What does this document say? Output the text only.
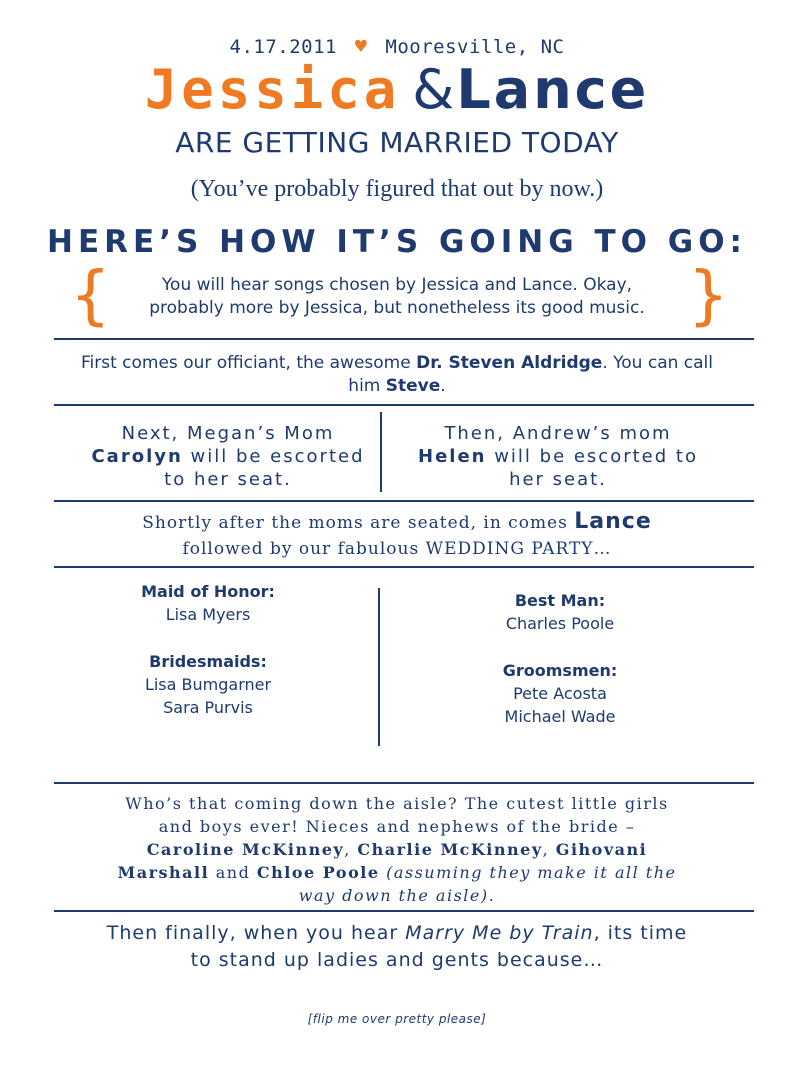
4.17.2011 ♥ Mooresville, NC
Jessica &Lance
ARE GETTING MARRIED TODAY
(You’ve probably figured that out by now.)
HERE’S HOW IT’S GOING TO GO:
{	}
You will hear songs chosen by Jessica and Lance. Okay,
probably more by Jessica, but nonetheless its good music.
First comes our officiant, the awesome Dr. Steven Aldridge. You can call
him Steve.
Next, Megan’s Mom
Carolyn will be escorted
to her seat.
Then, Andrew’s mom
Helen will be escorted to
her seat.
Shortly after the moms are seated, in comes Lance
followed by our fabulous WEDDING PARTY…
Maid of Honor:
Lisa Myers
Bridesmaids:
Lisa Bumgarner
Sara Purvis
Best Man:
Charles Poole
Groomsmen:
Pete Acosta
Michael Wade
Who’s that coming down the aisle? The cutest little girls
and boys ever! Nieces and nephews of the bride –
Caroline McKinney, Charlie McKinney, Gihovani
Marshall and Chloe Poole (assuming they make it all the
way down the aisle).
Then finally, when you hear Marry Me by Train, its time
to stand up ladies and gents because…
[flip me over pretty please]
